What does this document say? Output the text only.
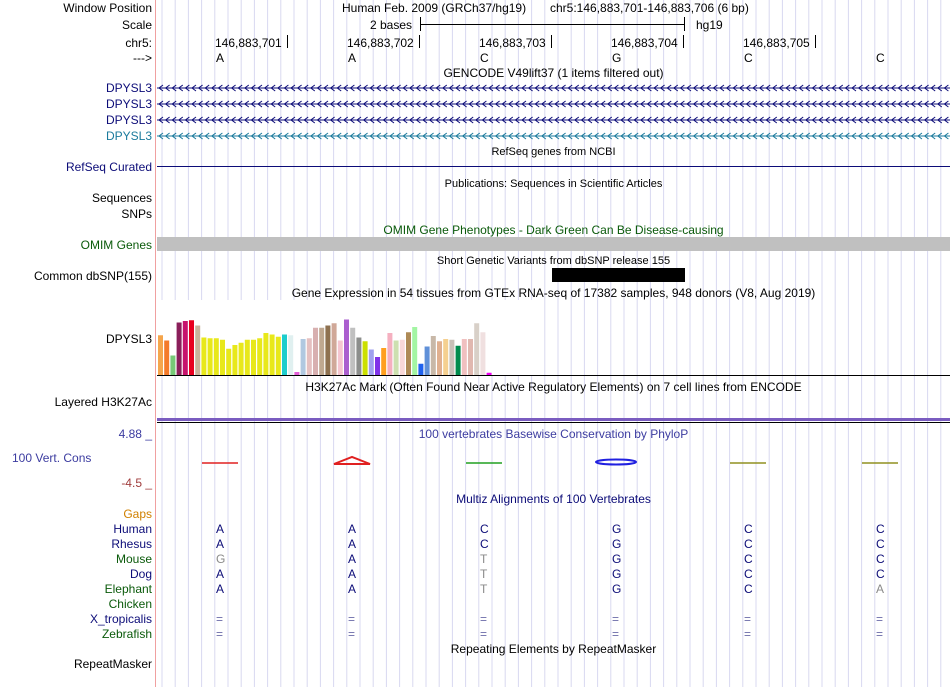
Window Position	Human Feb. 2009 (GRCh37/hg19) chr5:146,883,701-146,883,706 (6 bp)
Scale	2 bases	hg19
chr5:	146,883,701	146,883,702	146,883,703	146,883,704	146,883,705
--->	A	A	C	G	C	C
GENCODE V49lift37 (1 items filtered out)
DPYSL3
DPYSL3
DPYSL3
DPYSL3
RefSeq Curated
RefSeq genes from NCBI
Publications: Sequences in Scientific Articles
Sequences
SNPs
OMIM Gene Phenotypes - Dark Green Can Be Disease-causing
OMIM Genes
Short Genetic Variants from dbSNP release 155
Common dbSNP(155)
Gene Expression in 54 tissues from GTEx RNA-seq of 17382 samples, 948 donors (V8, Aug 2019)
DPYSL3
H3K27Ac Mark (Often Found Near Active Regulatory Elements) on 7 cell lines from ENCODE
Layered H3K27Ac
4.88 _	100 vertebrates Basewise Conservation by PhyloP
100 Vert. Cons
-4.5 _
Multiz Alignments of 100 Vertebrates
Gaps
Human	A	A	C	G	C	C
Rhesus	A	A	C	G	C	C
Mouse	G	A	T	G	C	C
Dog	A	A	T	G	C	C
Elephant	A	A	T	G	C	A
Chicken
X_tropicalis	=	=	=	=	=	=
Zebrafish	=	=	=	=	=	=
Repeating Elements by RepeatMasker
RepeatMasker
